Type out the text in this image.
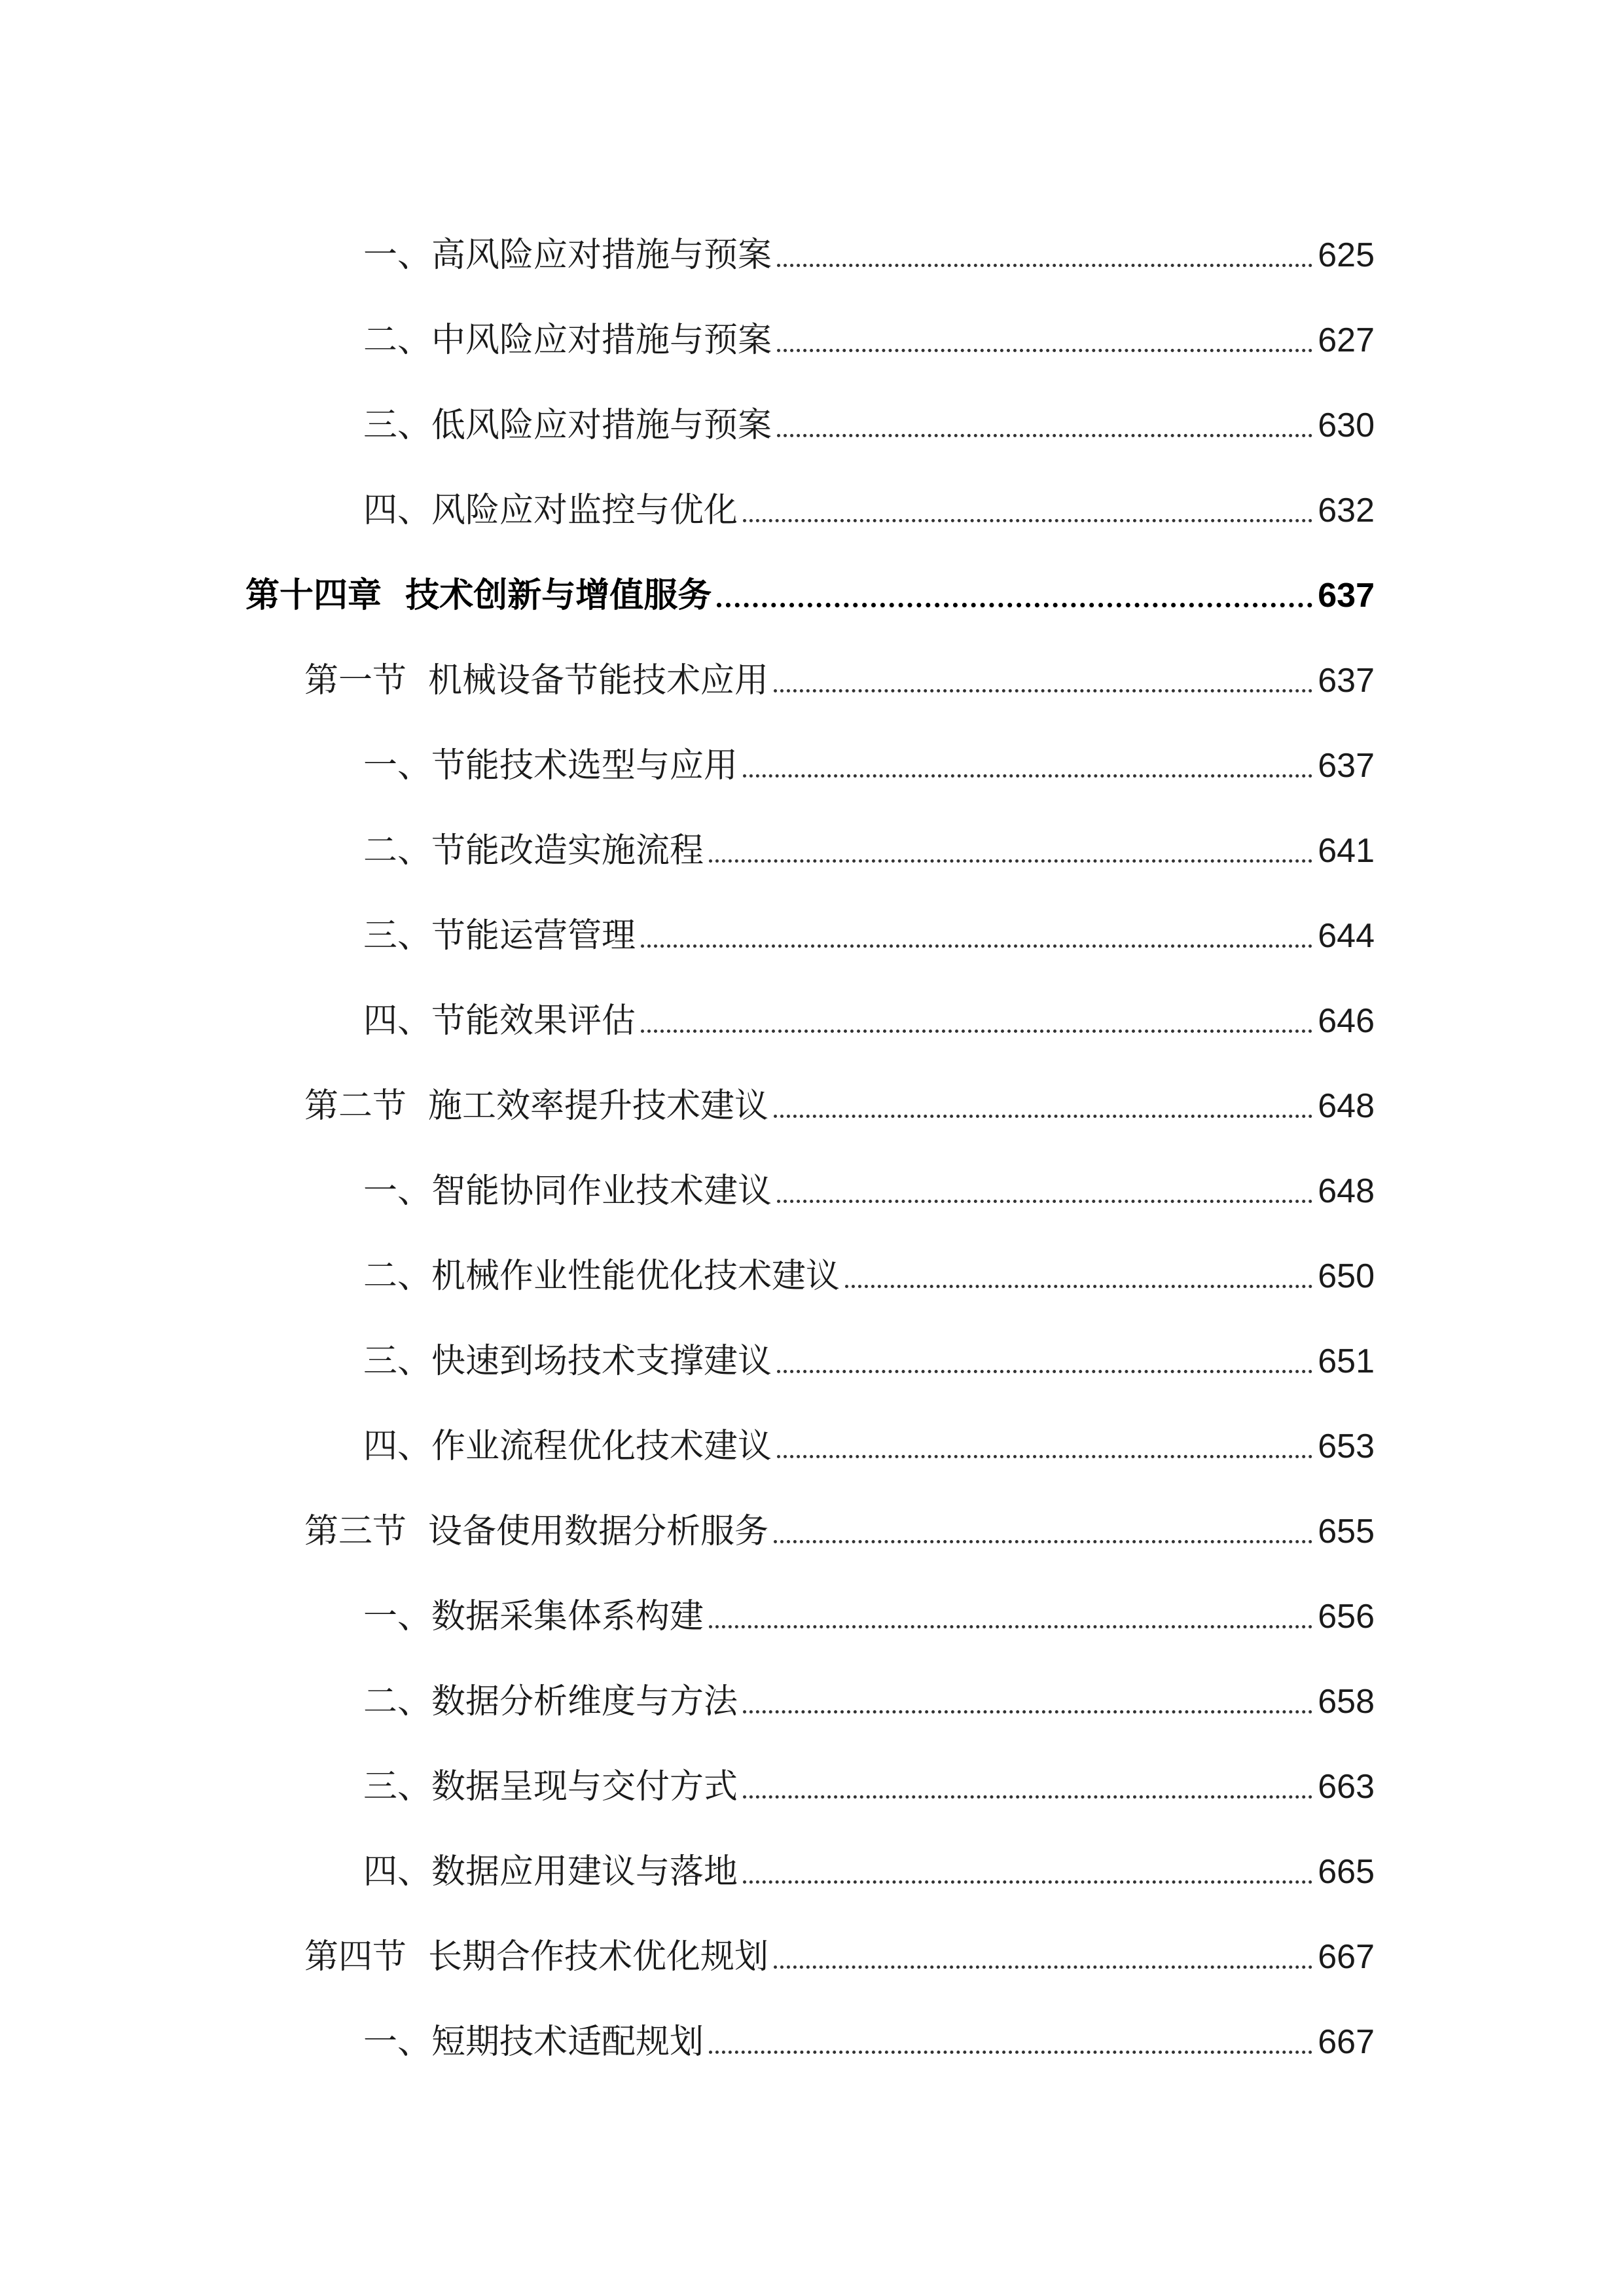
一、高风险应对措施与预案	625
二、中风险应对措施与预案	627
三、低风险应对措施与预案	630
四、风险应对监控与优化	632
第十四章  技术创新与增值服务	637
第一节  机械设备节能技术应用	637
一、节能技术选型与应用	637
二、节能改造实施流程	641
三、节能运营管理	644
四、节能效果评估	646
第二节  施工效率提升技术建议	648
一、智能协同作业技术建议	648
二、机械作业性能优化技术建议	650
三、快速到场技术支撑建议	651
四、作业流程优化技术建议	653
第三节  设备使用数据分析服务	655
一、数据采集体系构建	656
二、数据分析维度与方法	658
三、数据呈现与交付方式	663
四、数据应用建议与落地	665
第四节  长期合作技术优化规划	667
一、短期技术适配规划	667
